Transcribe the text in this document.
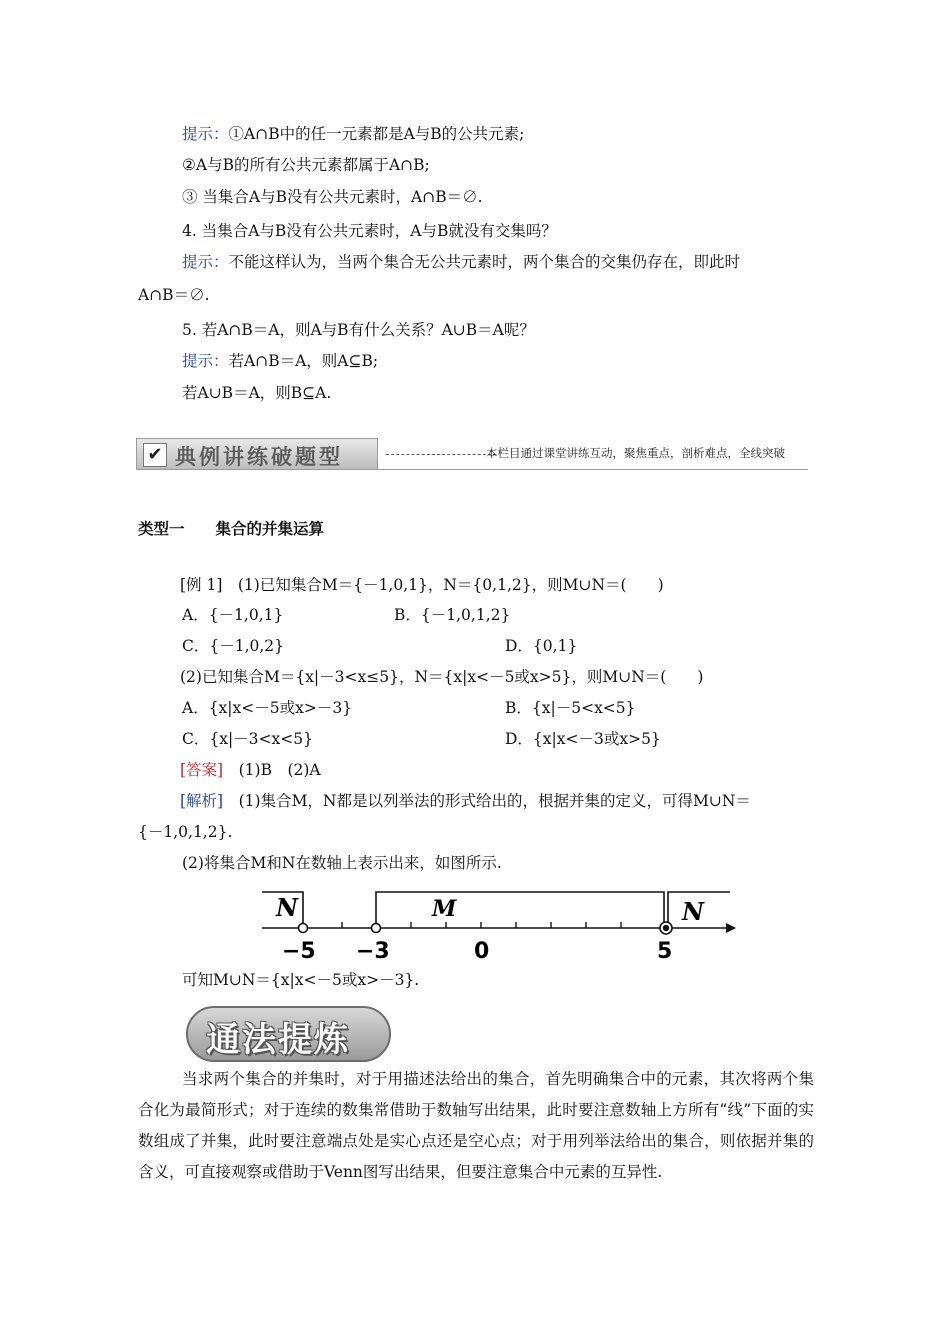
提示：①A∩B中的任一元素都是A与B的公共元素;
②A与B的所有公共元素都属于A∩B;
③ 当集合A与B没有公共元素时，A∩B＝∅.
4. 当集合A与B没有公共元素时，A与B就没有交集吗？
提示：不能这样认为，当两个集合无公共元素时，两个集合的交集仍存在，即此时
A∩B＝∅.
5. 若A∩B＝A，则A与B有什么关系？A∪B＝A呢？
提示：若A∩B＝A，则A⊆B;
若A∪B＝A，则B⊆A.
✔ 典例讲练破题型	本栏目通过课堂讲练互动，聚焦重点，剖析难点，全线突破
类型一　　集合的并集运算
[例 1]　(1)已知集合M＝{－1,0,1}，N＝{0,1,2}，则M∪N＝(　　)
A．{－1,0,1}	B．{－1,0,1,2}
C．{－1,0,2}	D．{0,1}
(2)已知集合M＝{x|－3<x≤5}，N＝{x|x<－5或x>5}，则M∪N＝(　　)
A．{x|x<－5或x>－3}	B．{x|－5<x<5}
C．{x|－3<x<5}	D．{x|x<－3或x>5}
[答案]　(1)B　(2)A
[解析]　(1)集合M，N都是以列举法的形式给出的，根据并集的定义，可得M∪N＝
{－1,0,1,2}.
(2)将集合M和N在数轴上表示出来，如图所示.
N	M	N
−5 −3	0	5
可知M∪N＝{x|x<－5或x>－3}.
通法提炼
当求两个集合的并集时，对于用描述法给出的集合，首先明确集合中的元素，其次将两个集合化为最简形式；对于连续的数集常借助于数轴写出结果，此时要注意数轴上方所有“线”下面的实数组成了并集，此时要注意端点处是实心点还是空心点；对于用列举法给出的集合，则依据并集的含义，可直接观察或借助于Venn图写出结果，但要注意集合中元素的互异性.
